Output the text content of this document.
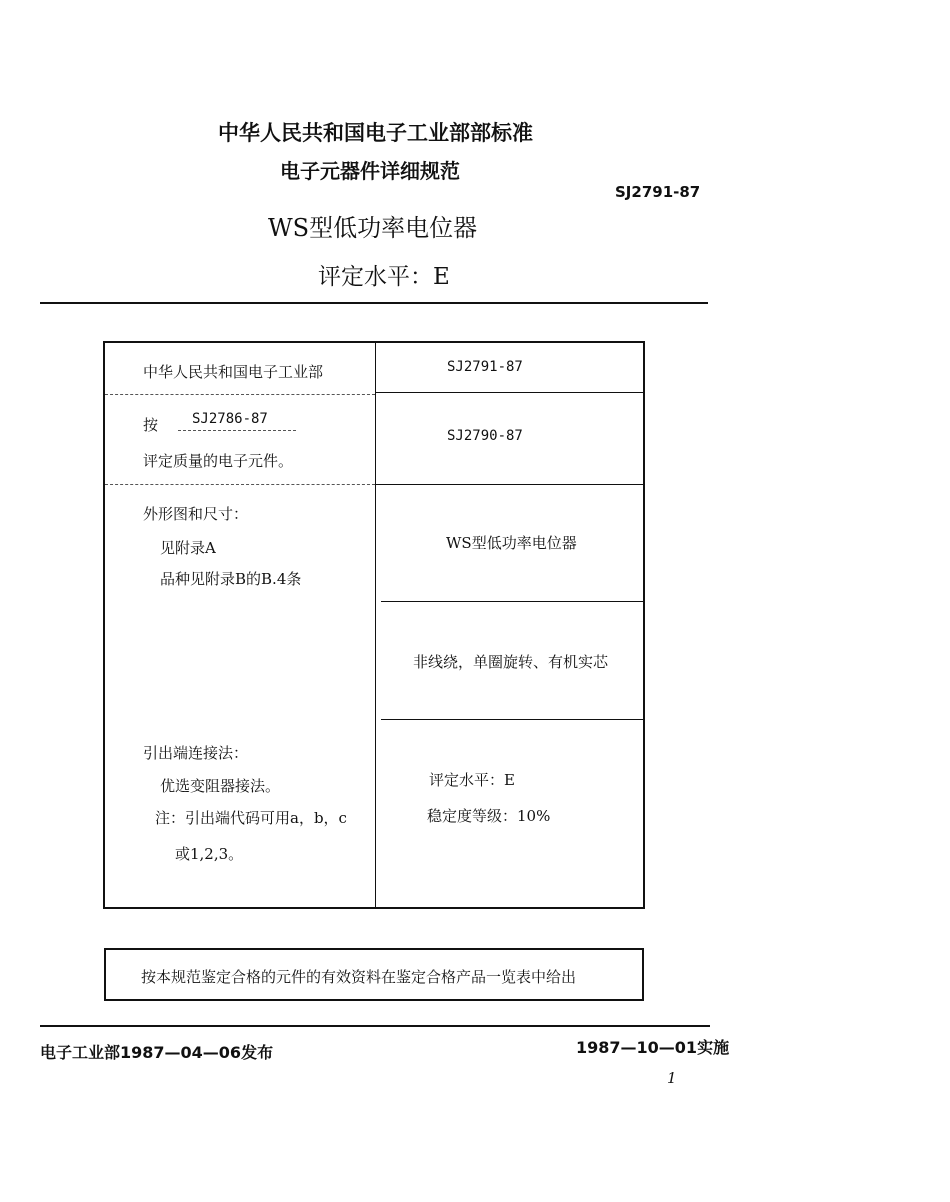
中华人民共和国电子工业部部标准
电子元器件详细规范
SJ2791-87
WS型低功率电位器
评定水平：E
中华人民共和国电子工业部
按 SJ2786-87
评定质量的电子元件。
外形图和尺寸：
见附录A
品种见附录B的B.4条
引出端连接法：
优选变阻器接法。
注：引出端代码可用a，b，c
或1,2,3。
SJ2791-87
SJ2790-87
WS型低功率电位器
非线绕，单圈旋转、有机实芯
评定水平：E
稳定度等级：10%
按本规范鉴定合格的元件的有效资料在鉴定合格产品一览表中给出
电子工业部1987—04—06发布	1987—10—01实施
1
